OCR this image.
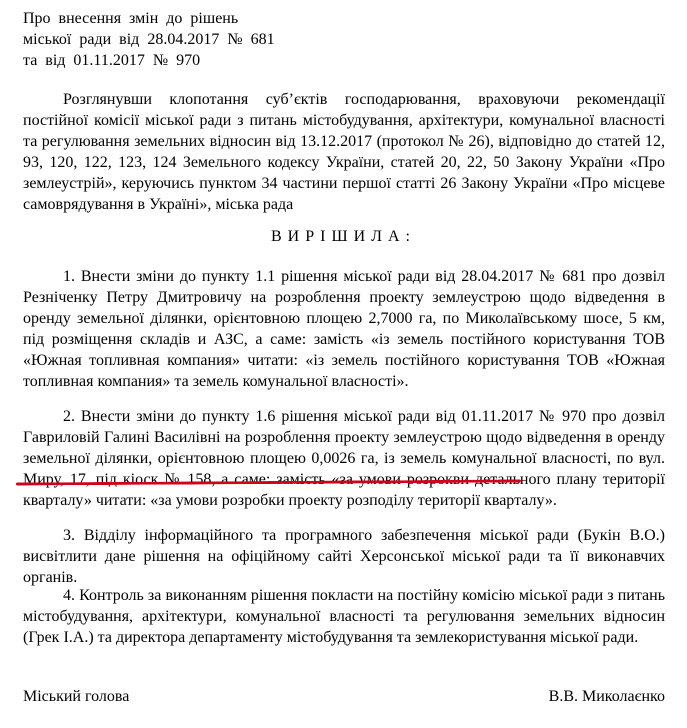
Про внесення змін до рішень
міської ради від 28.04.2017 № 681
та від 01.11.2017 № 970

Розглянувши клопотання суб’єктів господарювання, враховуючи рекомендації постійної комісії міської ради з питань містобудування, архітектури, комунальної власності та регулювання земельних відносин від 13.12.2017 (протокол № 26), відповідно до статей 12, 93, 120, 122, 123, 124 Земельного кодексу України, статей 20, 22, 50 Закону України «Про землеустрій», керуючись пунктом 34 частини першої статті 26 Закону України «Про місцеве самоврядування в Україні», міська рада

ВИРІШИЛА:

1. Внести зміни до пункту 1.1 рішення міської ради від 28.04.2017 № 681 про дозвіл Резніченку Петру Дмитровичу на розроблення проекту землеустрою щодо відведення в оренду земельної ділянки, орієнтовною площею 2,7000 га, по Миколаївському шосе, 5 км, під розміщення складів и АЗС, а саме: замість «із земель постійного користування ТОВ «Южная топливная компания» читати: «із земель постійного користування ТОВ «Южная топливная компания» та земель комунальної власності».

2. Внести зміни до пункту 1.6 рішення міської ради від 01.11.2017 № 970 про дозвіл Гавриловій Галині Василівні на розроблення проекту землеустрою щодо відведення в оренду земельної ділянки, орієнтовною площею 0,0026 га, із земель комунальної власності, по вул. Миру, 17, під кіоск № 158, а саме: замість «за умови розрокви детального плану території кварталу» читати: «за умови розробки проекту розподілу території кварталу».

3. Відділу інформаційного та програмного забезпечення міської ради (Букін В.О.) висвітлити дане рішення на офіційному сайті Херсонської міської ради та її виконавчих органів.

4. Контроль за виконанням рішення покласти на постійну комісію міської ради з питань містобудування, архітектури, комунальної власності та регулювання земельних відносин (Грек І.А.) та директора департаменту містобудування та землекористування міської ради.

Міський голова	В.В. Миколаєнко
